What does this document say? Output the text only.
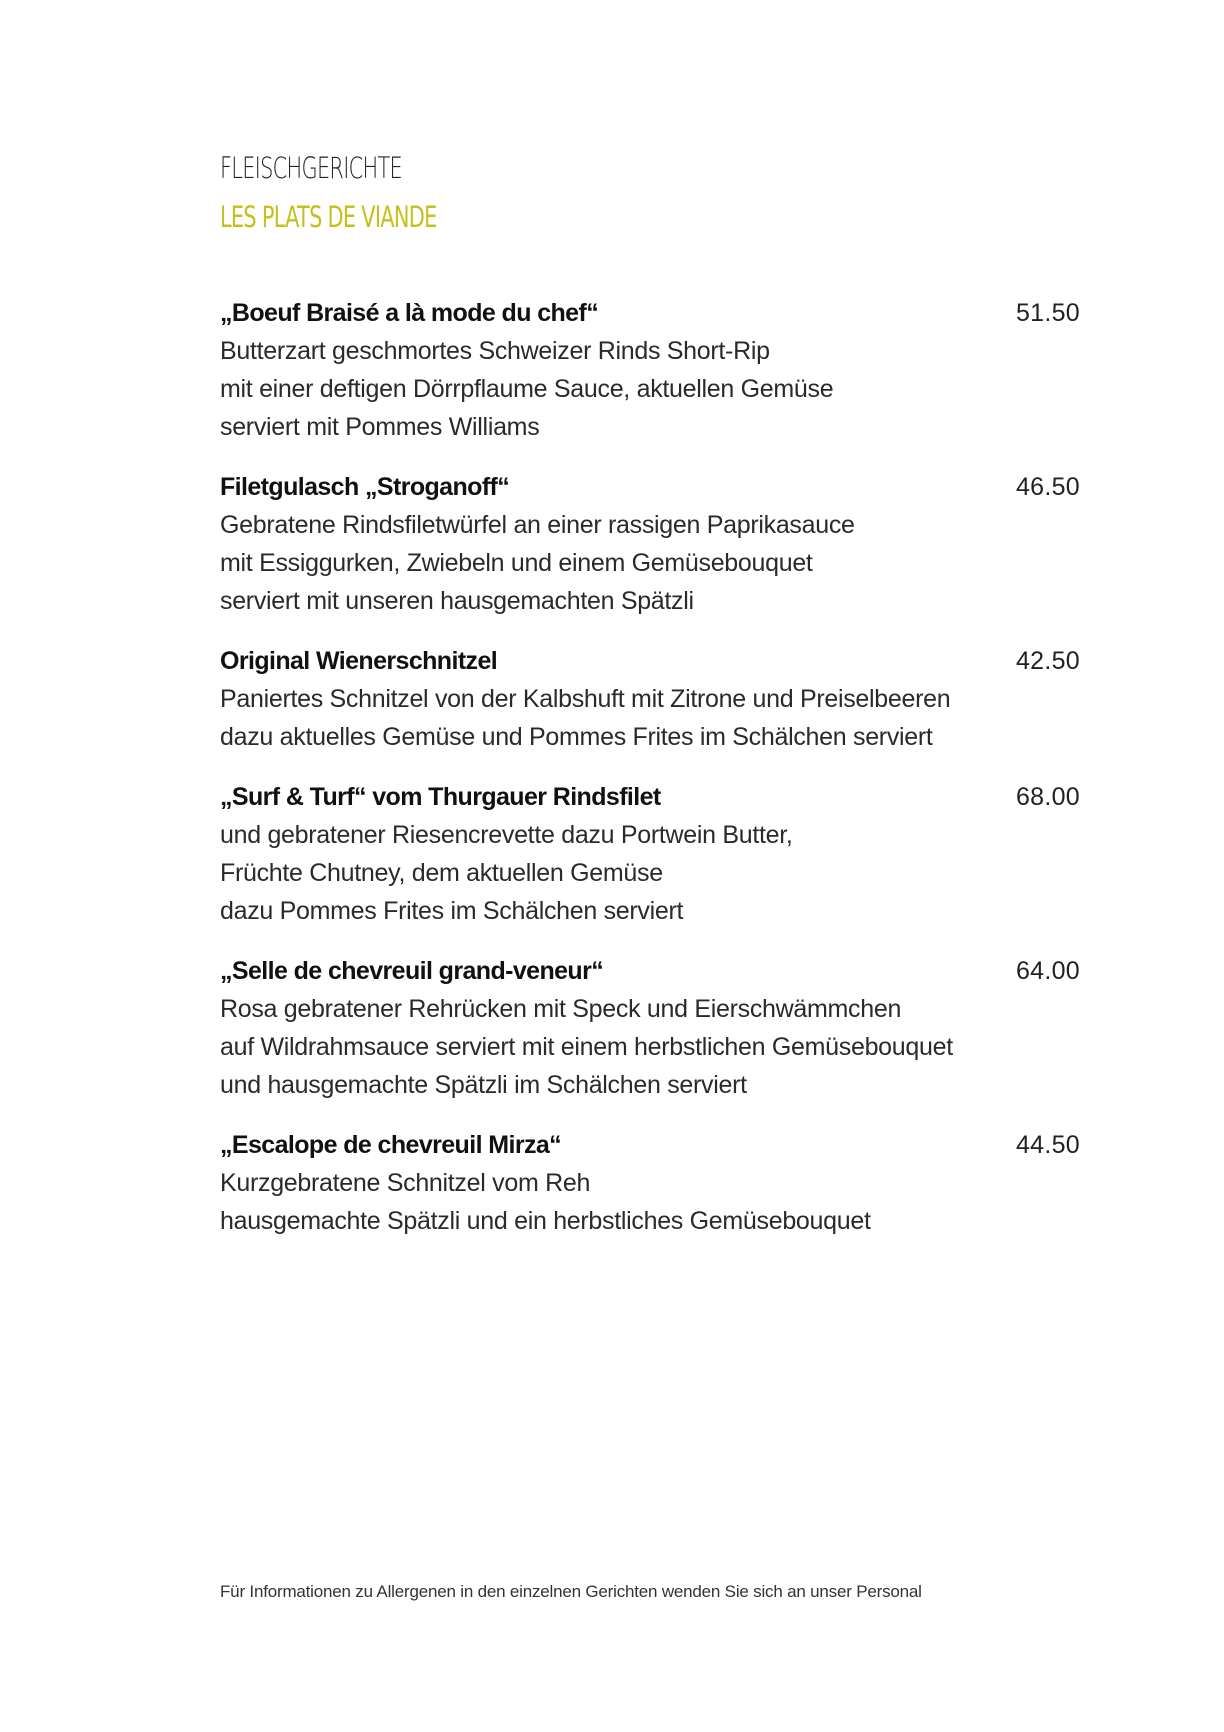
FLEISCHGERICHTE
LES PLATS DE VIANDE
„Boeuf Braisé a là mode du chef“	51.50
Butterzart geschmortes Schweizer Rinds Short-Rip
mit einer deftigen Dörrpflaume Sauce, aktuellen Gemüse
serviert mit Pommes Williams
Filetgulasch „Stroganoff“	46.50
Gebratene Rindsfiletwürfel an einer rassigen Paprikasauce
mit Essiggurken, Zwiebeln und einem Gemüsebouquet
serviert mit unseren hausgemachten Spätzli
Original Wienerschnitzel	42.50
Paniertes Schnitzel von der Kalbshuft mit Zitrone und Preiselbeeren
dazu aktuelles Gemüse und Pommes Frites im Schälchen serviert
„Surf & Turf“ vom Thurgauer Rindsfilet	68.00
und gebratener Riesencrevette dazu Portwein Butter,
Früchte Chutney, dem aktuellen Gemüse
dazu Pommes Frites im Schälchen serviert
„Selle de chevreuil grand-veneur“	64.00
Rosa gebratener Rehrücken mit Speck und Eierschwämmchen
auf Wildrahmsauce serviert mit einem herbstlichen Gemüsebouquet
und hausgemachte Spätzli im Schälchen serviert
„Escalope de chevreuil Mirza“	44.50
Kurzgebratene Schnitzel vom Reh
hausgemachte Spätzli und ein herbstliches Gemüsebouquet
Für Informationen zu Allergenen in den einzelnen Gerichten wenden Sie sich an unser Personal
